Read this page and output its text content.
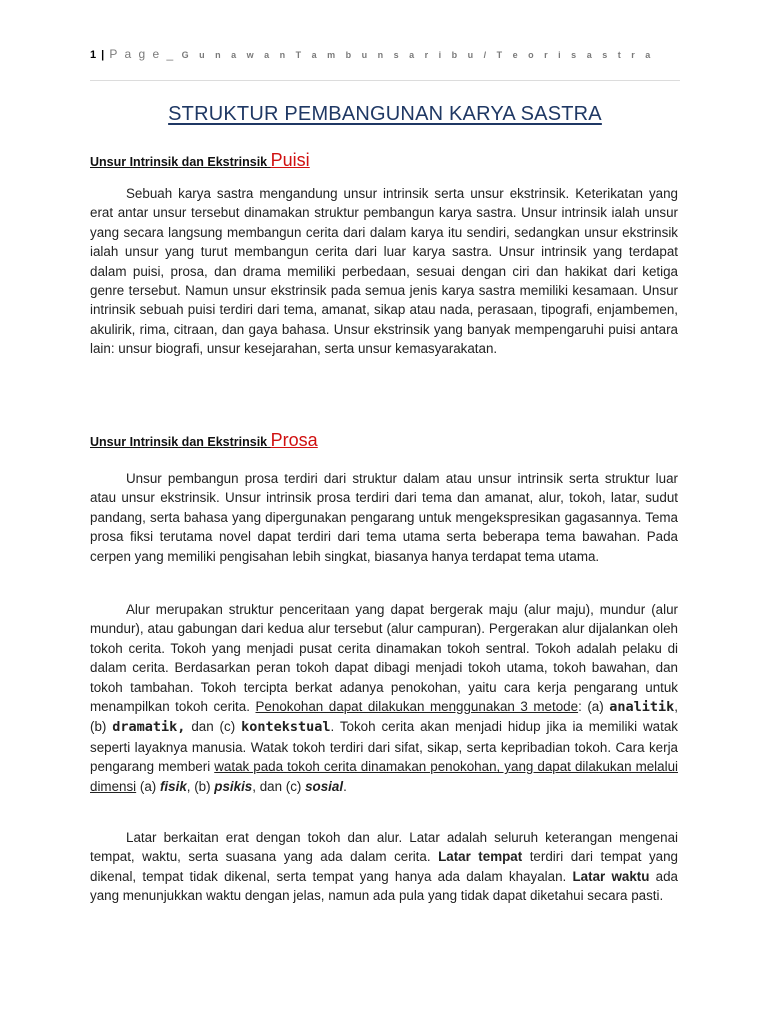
1 | P a g e _ G u n a w a n T a m b u n s a r i b u / T e o r i s a s t r a
STRUKTUR PEMBANGUNAN KARYA SASTRA
Unsur Intrinsik dan Ekstrinsik Puisi

Sebuah karya sastra mengandung unsur intrinsik serta unsur ekstrinsik. Keterikatan yang erat antar unsur tersebut dinamakan struktur pembangun karya sastra. Unsur intrinsik ialah unsur yang secara langsung membangun cerita dari dalam karya itu sendiri, sedangkan unsur ekstrinsik ialah unsur yang turut membangun cerita dari luar karya sastra. Unsur intrinsik yang terdapat dalam puisi, prosa, dan drama memiliki perbedaan, sesuai dengan ciri dan hakikat dari ketiga genre tersebut. Namun unsur ekstrinsik pada semua jenis karya sastra memiliki kesamaan. Unsur intrinsik sebuah puisi terdiri dari tema, amanat, sikap atau nada, perasaan, tipografi, enjambemen, akulirik, rima, citraan, dan gaya bahasa. Unsur ekstrinsik yang banyak mempengaruhi puisi antara lain: unsur biografi, unsur kesejarahan, serta unsur kemasyarakatan.

Unsur Intrinsik dan Ekstrinsik Prosa

Unsur pembangun prosa terdiri dari struktur dalam atau unsur intrinsik serta struktur luar atau unsur ekstrinsik. Unsur intrinsik prosa terdiri dari tema dan amanat, alur, tokoh, latar, sudut pandang, serta bahasa yang dipergunakan pengarang untuk mengekspresikan gagasannya. Tema prosa fiksi terutama novel dapat terdiri dari tema utama serta beberapa tema bawahan. Pada cerpen yang memiliki pengisahan lebih singkat, biasanya hanya terdapat tema utama.

Alur merupakan struktur penceritaan yang dapat bergerak maju (alur maju), mundur (alur mundur), atau gabungan dari kedua alur tersebut (alur campuran). Pergerakan alur dijalankan oleh tokoh cerita. Tokoh yang menjadi pusat cerita dinamakan tokoh sentral. Tokoh adalah pelaku di dalam cerita. Berdasarkan peran tokoh dapat dibagi menjadi tokoh utama, tokoh bawahan, dan tokoh tambahan. Tokoh tercipta berkat adanya penokohan, yaitu cara kerja pengarang untuk menampilkan tokoh cerita. Penokohan dapat dilakukan menggunakan 3 metode: (a) analitik, (b) dramatik, dan (c) kontekstual. Tokoh cerita akan menjadi hidup jika ia memiliki watak seperti layaknya manusia. Watak tokoh terdiri dari sifat, sikap, serta kepribadian tokoh. Cara kerja pengarang memberi watak pada tokoh cerita dinamakan penokohan, yang dapat dilakukan melalui dimensi (a) fisik, (b) psikis, dan (c) sosial.

Latar berkaitan erat dengan tokoh dan alur. Latar adalah seluruh keterangan mengenai tempat, waktu, serta suasana yang ada dalam cerita. Latar tempat terdiri dari tempat yang dikenal, tempat tidak dikenal, serta tempat yang hanya ada dalam khayalan. Latar waktu ada yang menunjukkan waktu dengan jelas, namun ada pula yang tidak dapat diketahui secara pasti.
